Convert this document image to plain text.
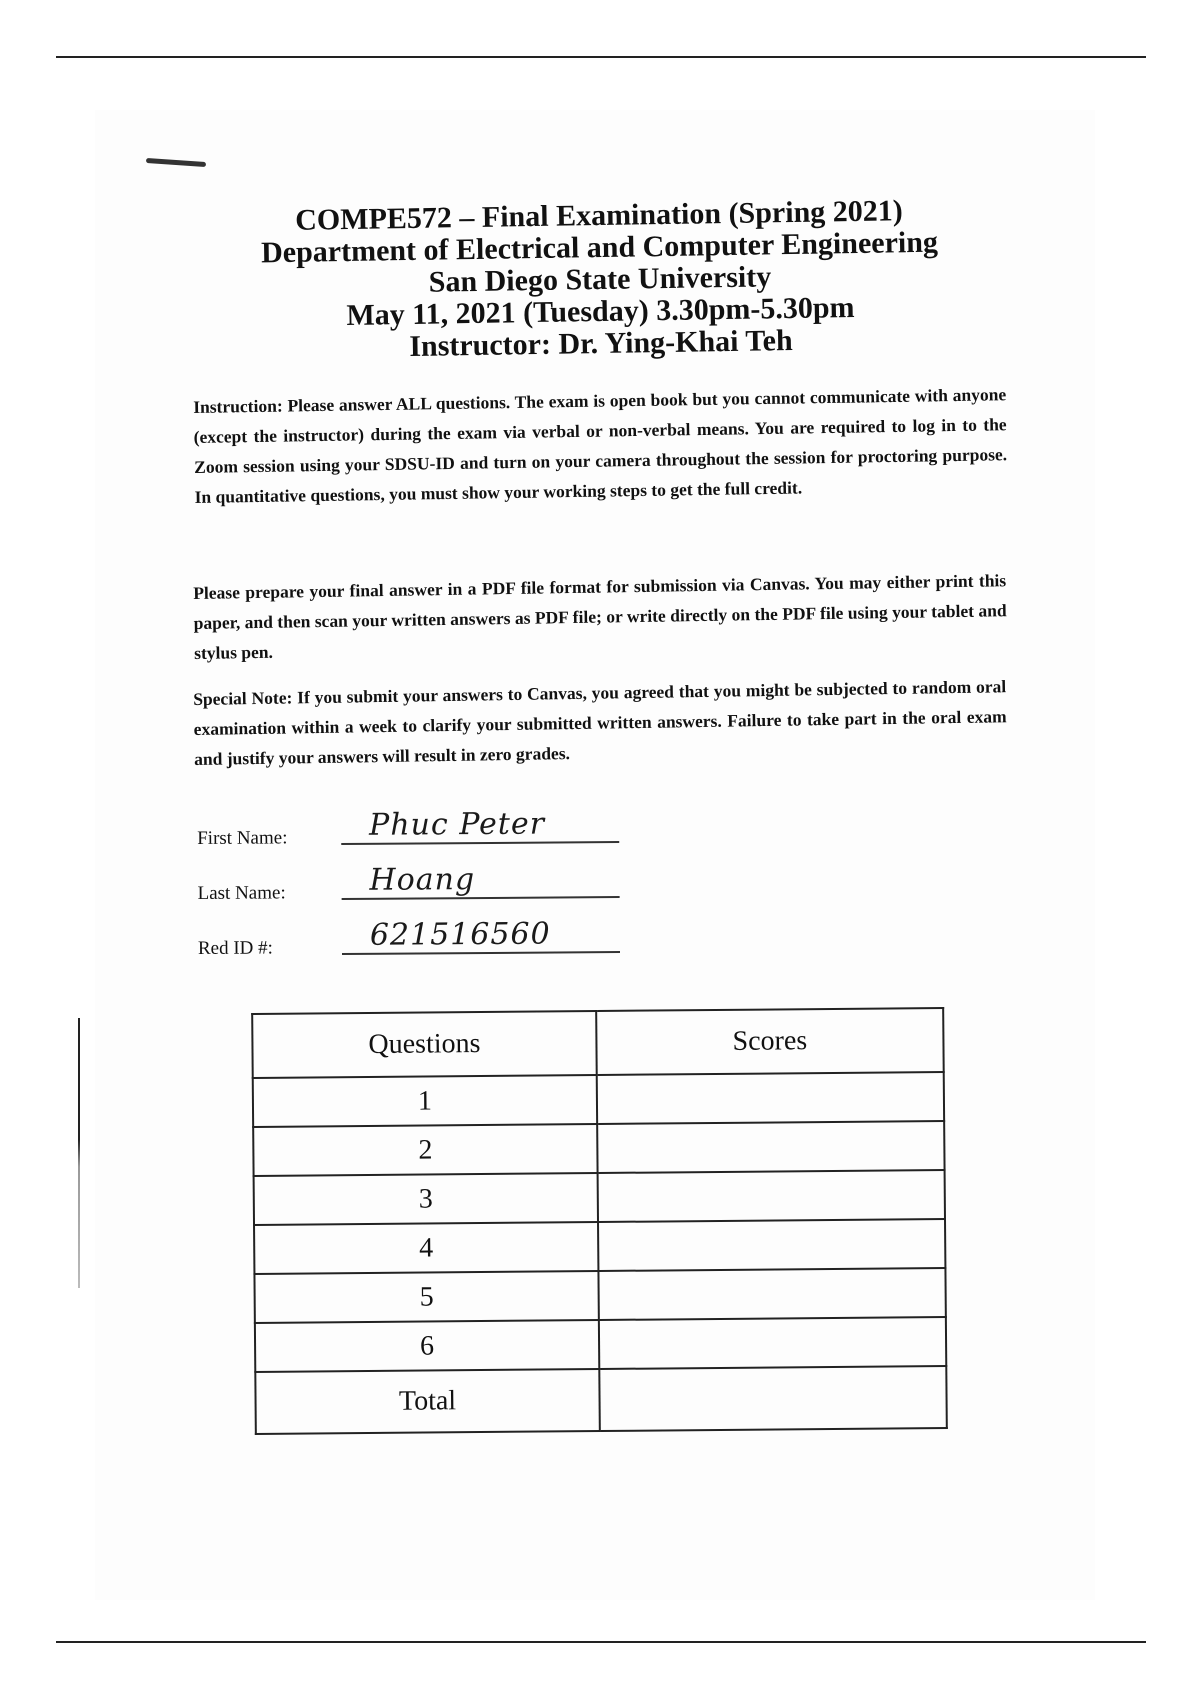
COMPE572 – Final Examination (Spring 2021)
Department of Electrical and Computer Engineering
San Diego State University
May 11, 2021 (Tuesday) 3.30pm-5.30pm
Instructor: Dr. Ying-Khai Teh
Instruction: Please answer ALL questions. The exam is open book but you cannot communicate with anyone (except the instructor) during the exam via verbal or non-verbal means. You are required to log in to the Zoom session using your SDSU-ID and turn on your camera throughout the session for proctoring purpose. In quantitative questions, you must show your working steps to get the full credit.
Please prepare your final answer in a PDF file format for submission via Canvas. You may either print this paper, and then scan your written answers as PDF file; or write directly on the PDF file using your tablet and stylus pen.
Special Note: If you submit your answers to Canvas, you agreed that you might be subjected to random oral examination within a week to clarify your submitted written answers. Failure to take part in the oral exam and justify your answers will result in zero grades.
First Name:	Phuc Peter
Last Name:	Hoang
Red ID #:	621516560
Questions	Scores
1	
2	
3	
4	
5	
6	
Total	
